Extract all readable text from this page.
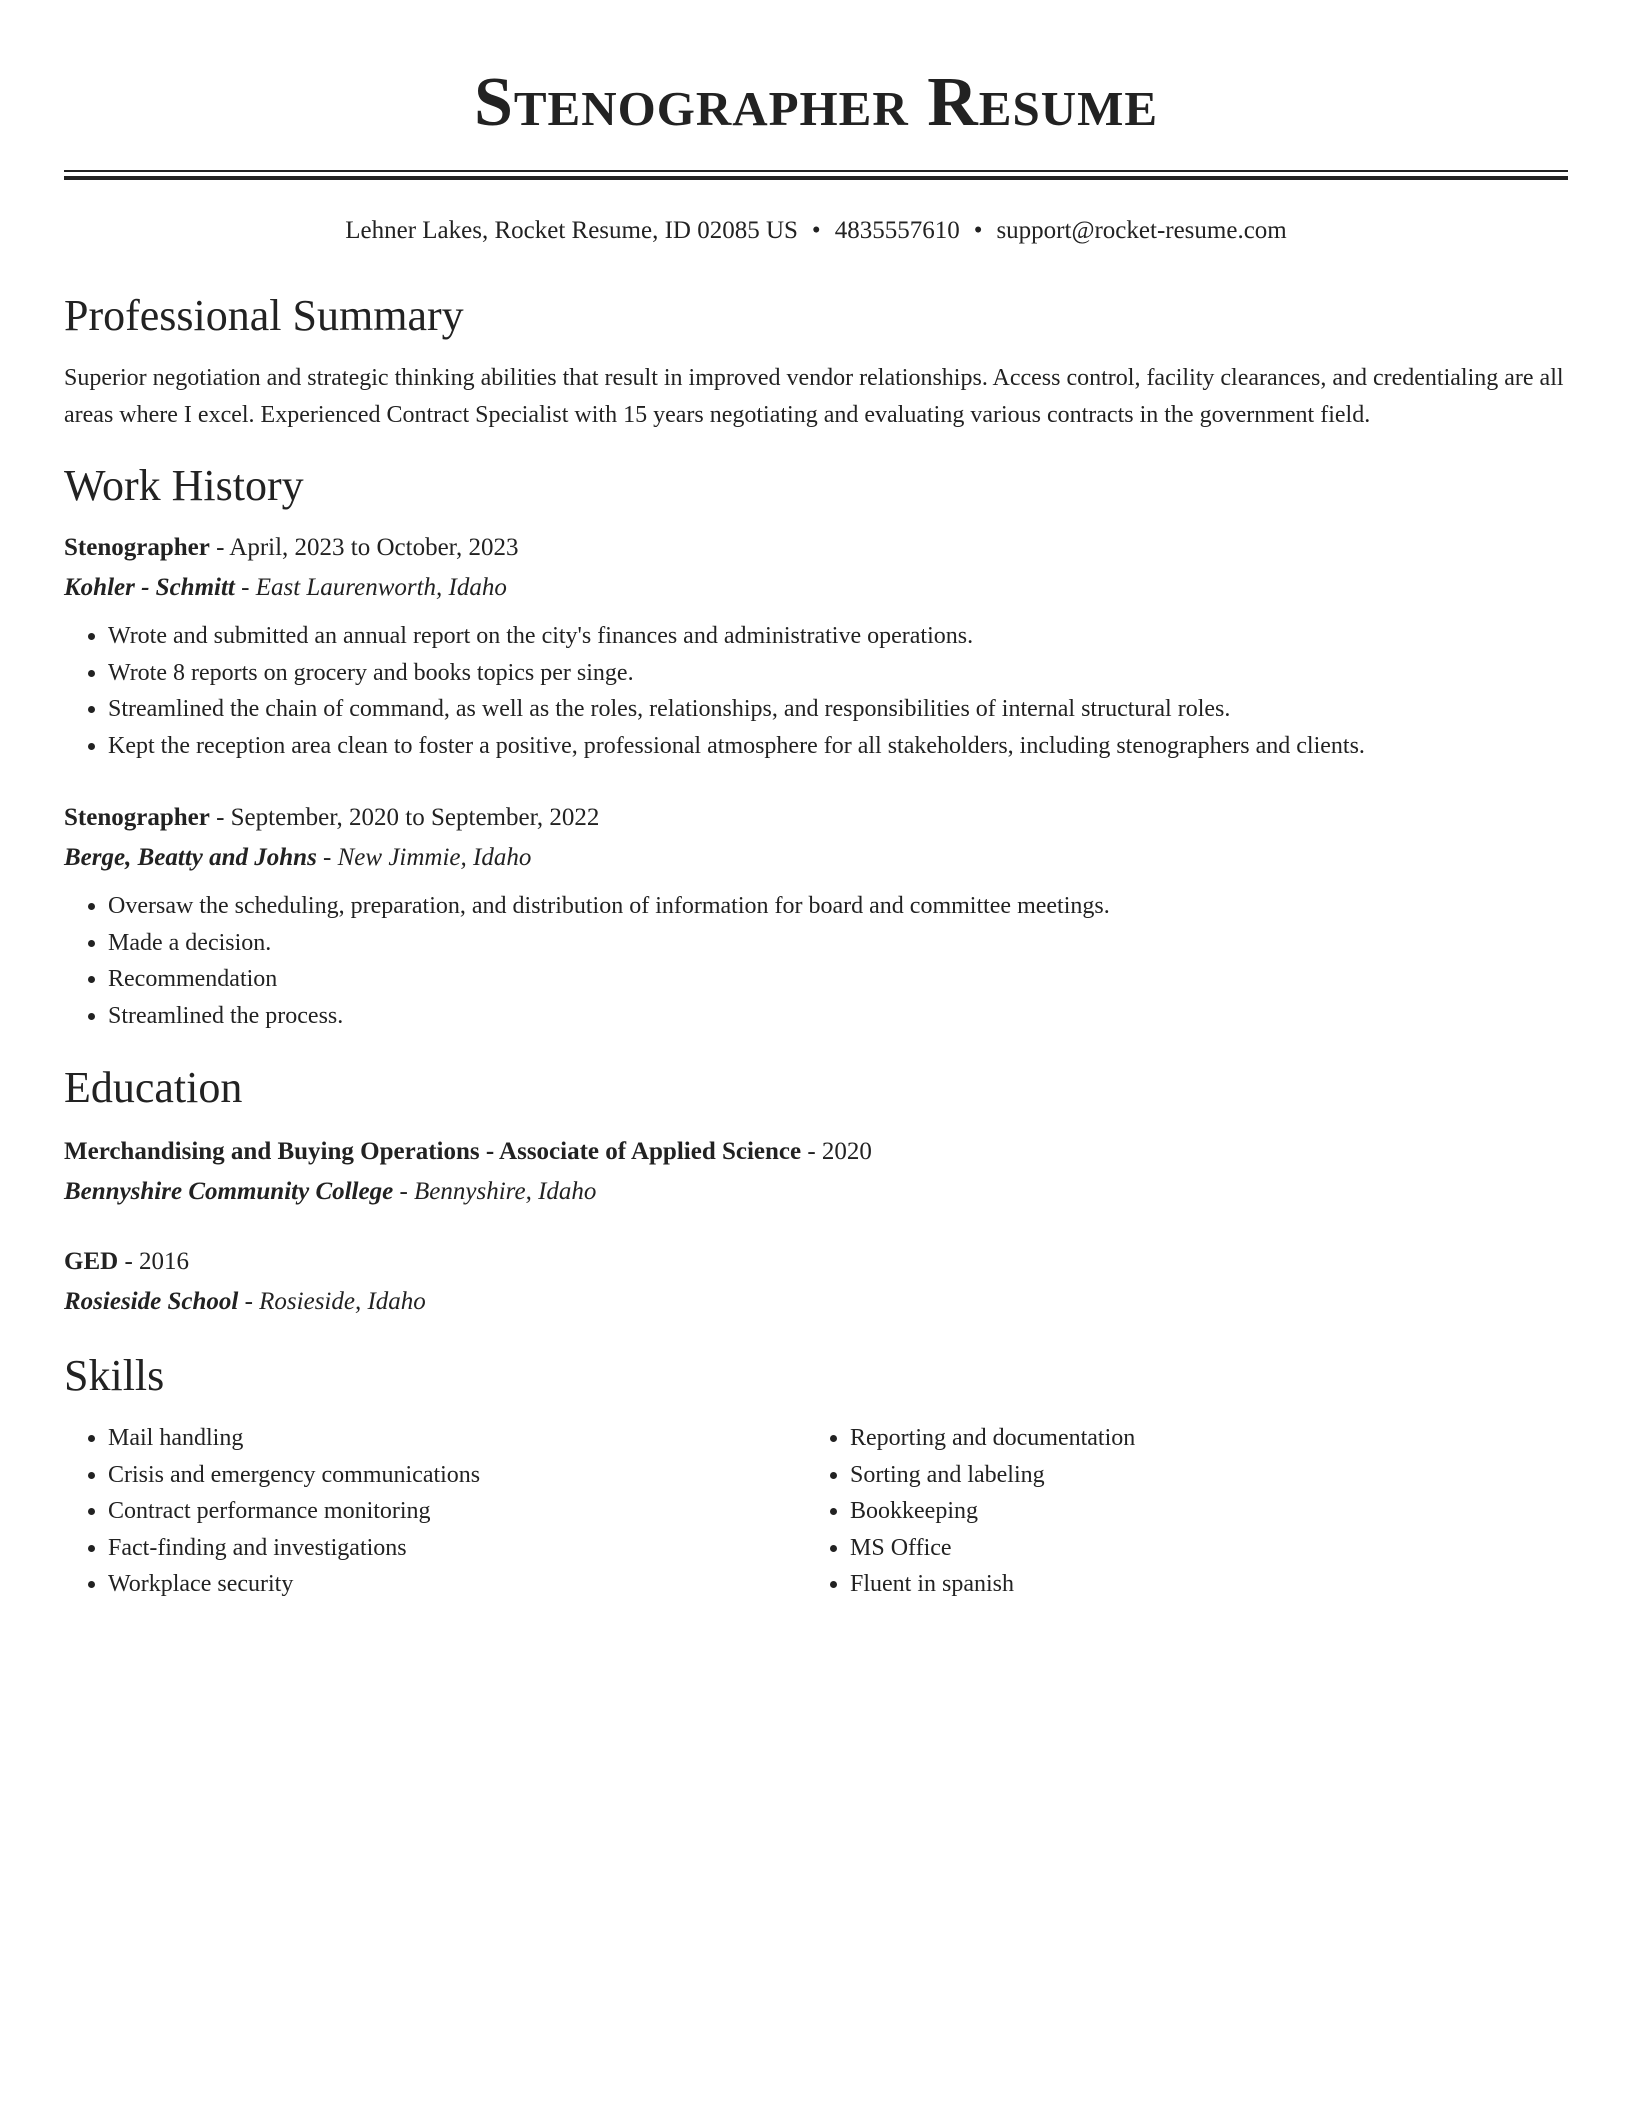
Stenographer Resume
Lehner Lakes, Rocket Resume, ID 02085 US • 4835557610 • support@rocket-resume.com
Professional Summary

Superior negotiation and strategic thinking abilities that result in improved vendor relationships. Access control, facility clearances, and credentialing are all areas where I excel. Experienced Contract Specialist with 15 years negotiating and evaluating various contracts in the government field.

Work History
Stenographer - April, 2023 to October, 2023
Kohler - Schmitt - East Laurenworth, Idaho
• Wrote and submitted an annual report on the city's finances and administrative operations.
• Wrote 8 reports on grocery and books topics per singe.
• Streamlined the chain of command, as well as the roles, relationships, and responsibilities of internal structural roles.
• Kept the reception area clean to foster a positive, professional atmosphere for all stakeholders, including stenographers and clients.
Stenographer - September, 2020 to September, 2022
Berge, Beatty and Johns - New Jimmie, Idaho
• Oversaw the scheduling, preparation, and distribution of information for board and committee meetings.
• Made a decision.
• Recommendation
• Streamlined the process.
Education
Merchandising and Buying Operations - Associate of Applied Science - 2020
Bennyshire Community College - Bennyshire, Idaho
GED - 2016
Rosieside School - Rosieside, Idaho
Skills
• Mail handling
• Crisis and emergency communications
• Contract performance monitoring
• Fact-finding and investigations
• Workplace security
• Reporting and documentation
• Sorting and labeling
• Bookkeeping
• MS Office
• Fluent in spanish
